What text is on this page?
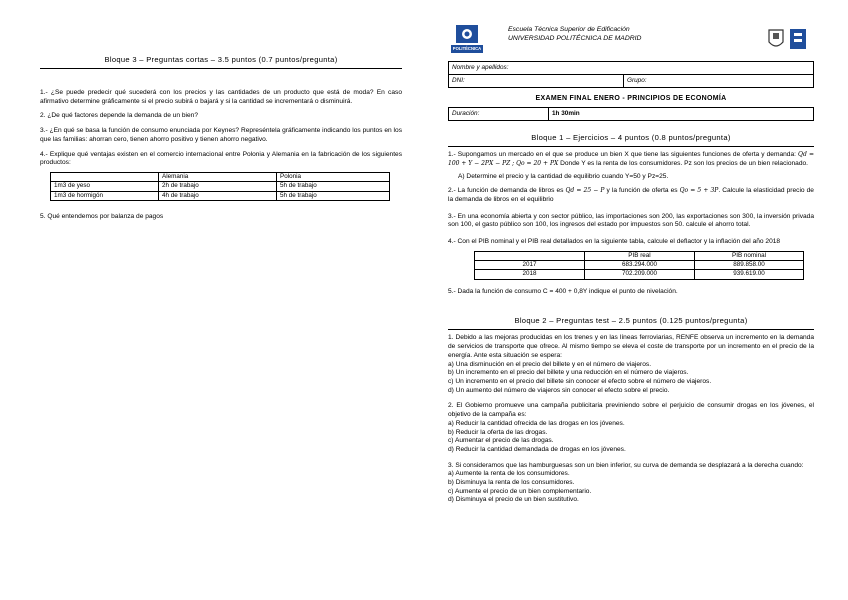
Bloque 3 – Preguntas cortas – 3.5 puntos (0.7 puntos/pregunta)
1.- ¿Se puede predecir qué sucederá con los precios y las cantidades de un producto que está de moda? En caso afirmativo determine gráficamente si el precio subirá o bajará y si la cantidad se incrementará o disminuirá.
2. ¿De qué factores depende la demanda de un bien?
3.- ¿En qué se basa la función de consumo enunciada por Keynes? Represéntela gráficamente indicando los puntos en los que las familias: ahorran cero, tienen ahorro positivo y tienen ahorro negativo.
4.- Explique qué ventajas existen en el comercio internacional entre Polonia y Alemania en la fabricación de los siguientes productos:
	Alemania	Polonia
1m3 de yeso	2h de trabajo	5h de trabajo
1m3 de hormigón	4h de trabajo	5h de trabajo
5. Qué entendemos por balanza de pagos
POLITÉCNICA
Escuela Técnica Superior de Edificación
UNIVERSIDAD POLITÉCNICA DE MADRID
Nombre y apellidos:
DNI:	Grupo:
EXAMEN FINAL ENERO - PRINCIPIOS DE ECONOMÍA
Duración:	1h 30min
Bloque 1 – Ejercicios – 4 puntos (0.8 puntos/pregunta)
1.- Supongamos un mercado en el que se produce un bien X que tiene las siguientes funciones de oferta y demanda: Qd = 100 + Y − 2PX − PZ ; Qo = 20 + PX Donde Y es la renta de los consumidores. Pz son los precios de un bien relacionado.
A) Determine el precio y la cantidad de equilibrio cuando Y=50 y Pz=25.
2.- La función de demanda de libros es Qd = 25 − P y la función de oferta es Qo = 5 + 3P. Calcule la elasticidad precio de la demanda de libros en el equilibrio
3.- En una economía abierta y con sector público, las importaciones son 200, las exportaciones son 300, la inversión privada son 100, el gasto público son 100, los ingresos del estado por impuestos son 50. calcule el ahorro total.
4.- Con el PIB nominal y el PIB real detallados en la siguiente tabla, calcule el deflactor y la inflación del año 2018
	PIB real	PIB nominal
2017	683.294.000	889.858.00
2018	702.209.000	939.619.00
5.- Dada la función de consumo C = 400 + 0,8Y indique el punto de nivelación.
Bloque 2 – Preguntas test – 2.5 puntos (0.125 puntos/pregunta)
1. Debido a las mejoras producidas en los trenes y en las líneas ferroviarias, RENFE observa un incremento en la demanda de servicios de transporte que ofrece. Al mismo tiempo se eleva el coste de transporte por un incremento en el precio de la energía. Ante esta situación se espera:
a) Una disminución en el precio del billete y en el número de viajeros.
b) Un incremento en el precio del billete y una reducción en el número de viajeros.
c) Un incremento en el precio del billete sin conocer el efecto sobre el número de viajeros.
d) Un aumento del número de viajeros sin conocer el efecto sobre el precio.
2. El Gobierno promueve una campaña publicitaria previniendo sobre el perjuicio de consumir drogas en los jóvenes, el objetivo de la campaña es:
a) Reducir la cantidad ofrecida de las drogas en los jóvenes.
b) Reducir la oferta de las drogas.
c) Aumentar el precio de las drogas.
d) Reducir la cantidad demandada de drogas en los jóvenes.
3. Si consideramos que las hamburguesas son un bien inferior, su curva de demanda se desplazará a la derecha cuando:
a) Aumente la renta de los consumidores.
b) Disminuya la renta de los consumidores.
c) Aumente el precio de un bien complementario.
d) Disminuya el precio de un bien sustitutivo.
